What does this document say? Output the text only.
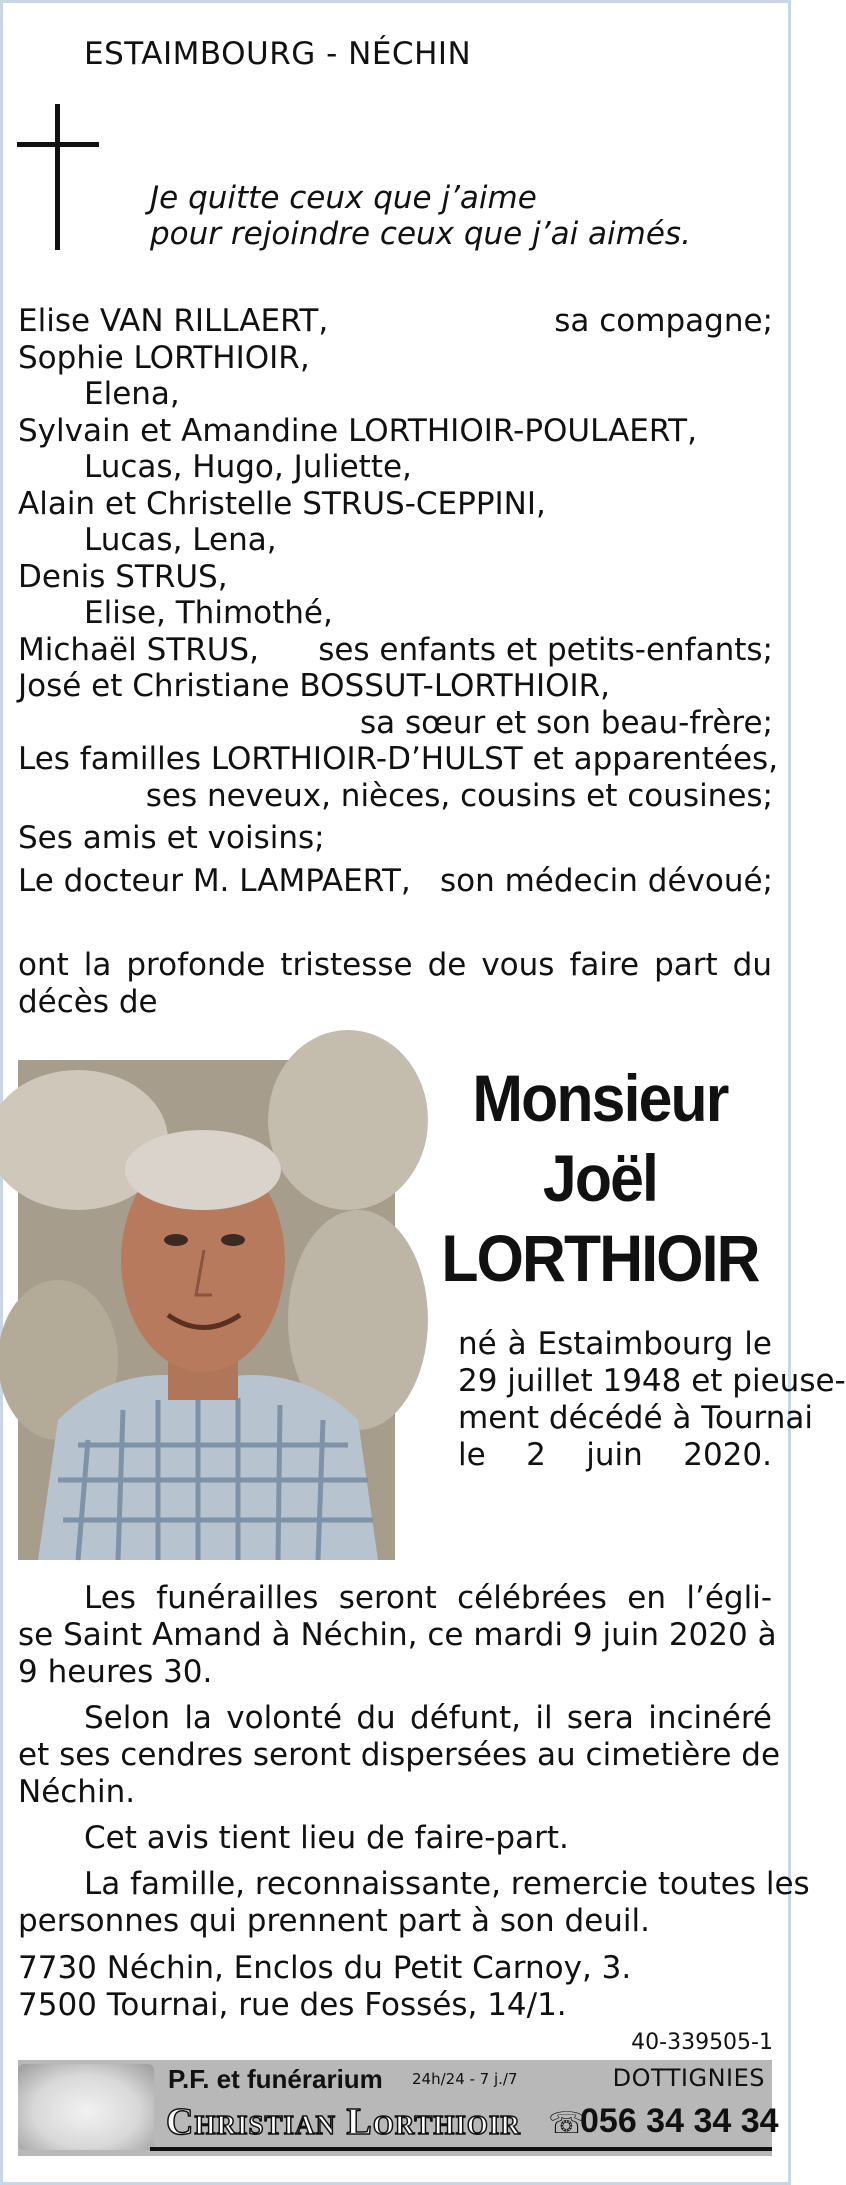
ESTAIMBOURG - NÉCHIN
Je quitte ceux que j’aime
pour rejoindre ceux que j’ai aimés.
Elise VAN RILLAERT,	sa compagne;
Sophie LORTHIOIR,
Elena,
Sylvain et Amandine LORTHIOIR-POULAERT,
Lucas, Hugo, Juliette,
Alain et Christelle STRUS-CEPPINI,
Lucas, Lena,
Denis STRUS,
Elise, Thimothé,
Michaël STRUS, ses enfants et petits-enfants;
José et Christiane BOSSUT-LORTHIOIR,
sa sœur et son beau-frère;
Les familles LORTHIOIR-D’HULST et apparentées,
ses neveux, nièces, cousins et cousines;
Ses amis et voisins;
Le docteur M. LAMPAERT, son médecin dévoué;
ont la profonde tristesse de vous faire part du
décès de
Monsieur
Joël
LORTHIOIR
né à Estaimbourg le
29 juillet 1948 et pieuse-
ment décédé à Tournai
le 2 juin 2020.
Les funérailles seront célébrées en l’égli-
se Saint Amand à Néchin, ce mardi 9 juin 2020 à
9 heures 30.
Selon la volonté du défunt, il sera incinéré
et ses cendres seront dispersées au cimetière de
Néchin.
Cet avis tient lieu de faire-part.
La famille, reconnaissante, remercie toutes les
personnes qui prennent part à son deuil.
7730 Néchin, Enclos du Petit Carnoy, 3.
7500 Tournai, rue des Fossés, 14/1.
40-339505-1
P.F. et funérarium 24h/24 - 7 j./7	DOTTIGNIES
Christian Lorthioir ☏
056 34 34 34
